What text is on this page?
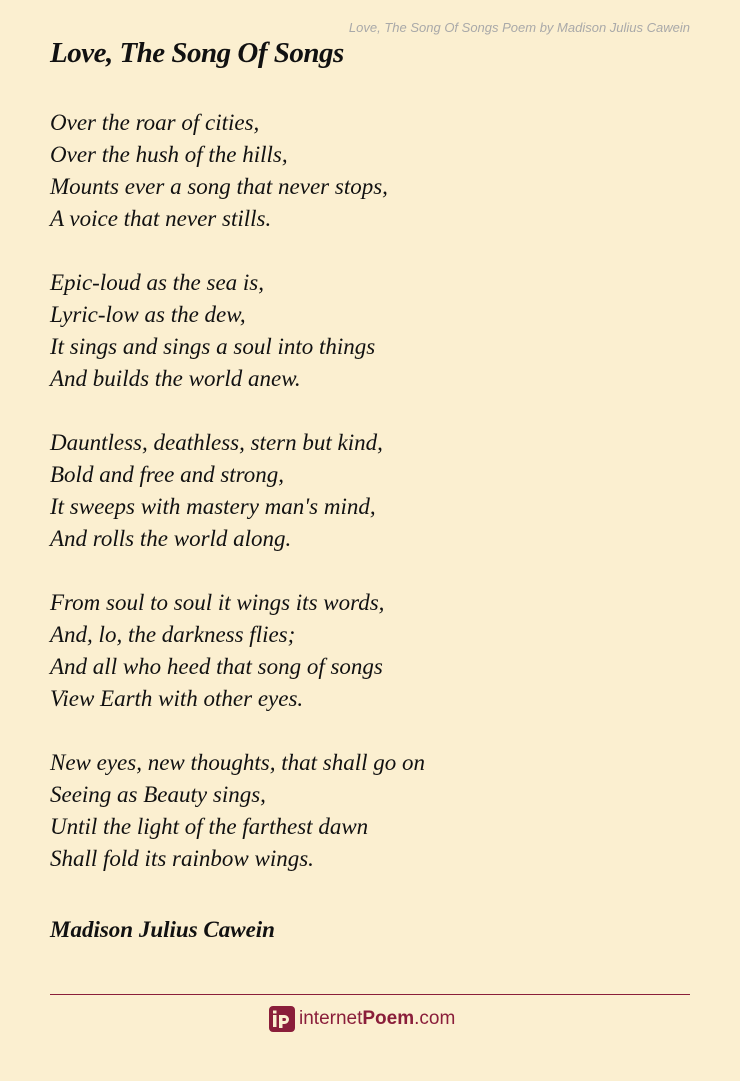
Love, The Song Of Songs Poem by Madison Julius Cawein
Love, The Song Of Songs
Over the roar of cities,
Over the hush of the hills,
Mounts ever a song that never stops,
A voice that never stills.
Epic-loud as the sea is,
Lyric-low as the dew,
It sings and sings a soul into things
And builds the world anew.
Dauntless, deathless, stern but kind,
Bold and free and strong,
It sweeps with mastery man's mind,
And rolls the world along.
From soul to soul it wings its words,
And, lo, the darkness flies;
And all who heed that song of songs
View Earth with other eyes.
New eyes, new thoughts, that shall go on
Seeing as Beauty sings,
Until the light of the farthest dawn
Shall fold its rainbow wings.
Madison Julius Cawein
internetPoem.com
